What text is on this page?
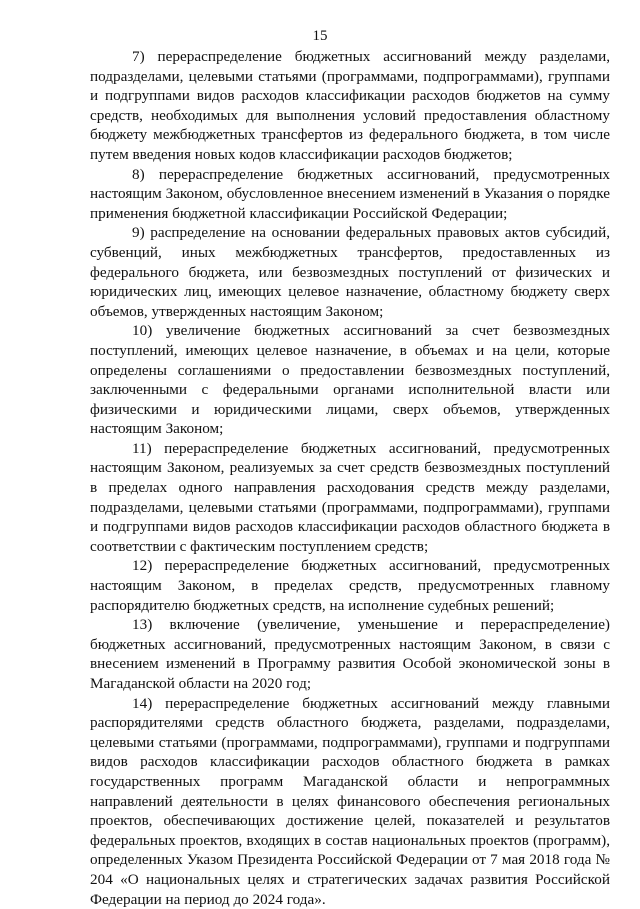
15

7) перераспределение бюджетных ассигнований между разделами, подразделами, целевыми статьями (программами, подпрограммами), группами и подгруппами видов расходов классификации расходов бюджетов на сумму средств, необходимых для выполнения условий предоставления областному бюджету межбюджетных трансфертов из федерального бюджета, в том числе путем введения новых кодов классификации расходов бюджетов;

8) перераспределение бюджетных ассигнований, предусмотренных настоящим Законом, обусловленное внесением изменений в Указания о порядке применения бюджетной классификации Российской Федерации;

9) распределение на основании федеральных правовых актов субсидий, субвенций, иных межбюджетных трансфертов, предоставленных из федерального бюджета, или безвозмездных поступлений от физических и юридических лиц, имеющих целевое назначение, областному бюджету сверх объемов, утвержденных настоящим Законом;

10) увеличение бюджетных ассигнований за счет безвозмездных поступлений, имеющих целевое назначение, в объемах и на цели, которые определены соглашениями о предоставлении безвозмездных поступлений, заключенными с федеральными органами исполнительной власти или физическими и юридическими лицами, сверх объемов, утвержденных настоящим Законом;

11) перераспределение бюджетных ассигнований, предусмотренных настоящим Законом, реализуемых за счет средств безвозмездных поступлений в пределах одного направления расходования средств между разделами, подразделами, целевыми статьями (программами, подпрограммами), группами и подгруппами видов расходов классификации расходов областного бюджета в соответствии с фактическим поступлением средств;

12) перераспределение бюджетных ассигнований, предусмотренных настоящим Законом, в пределах средств, предусмотренных главному распорядителю бюджетных средств, на исполнение судебных решений;

13) включение (увеличение, уменьшение и перераспределение) бюджетных ассигнований, предусмотренных настоящим Законом, в связи с внесением изменений в Программу развития Особой экономической зоны в Магаданской области на 2020 год;

14) перераспределение бюджетных ассигнований между главными распорядителями средств областного бюджета, разделами, подразделами, целевыми статьями (программами, подпрограммами), группами и подгруппами видов расходов классификации расходов областного бюджета в рамках государственных программ Магаданской области и непрограммных направлений деятельности в целях финансового обеспечения региональных проектов, обеспечивающих достижение целей, показателей и результатов федеральных проектов, входящих в состав национальных проектов (программ), определенных Указом Президента Российской Федерации от 7 мая 2018 года № 204 «О национальных целях и стратегических задачах развития Российской Федерации на период до 2024 года».
